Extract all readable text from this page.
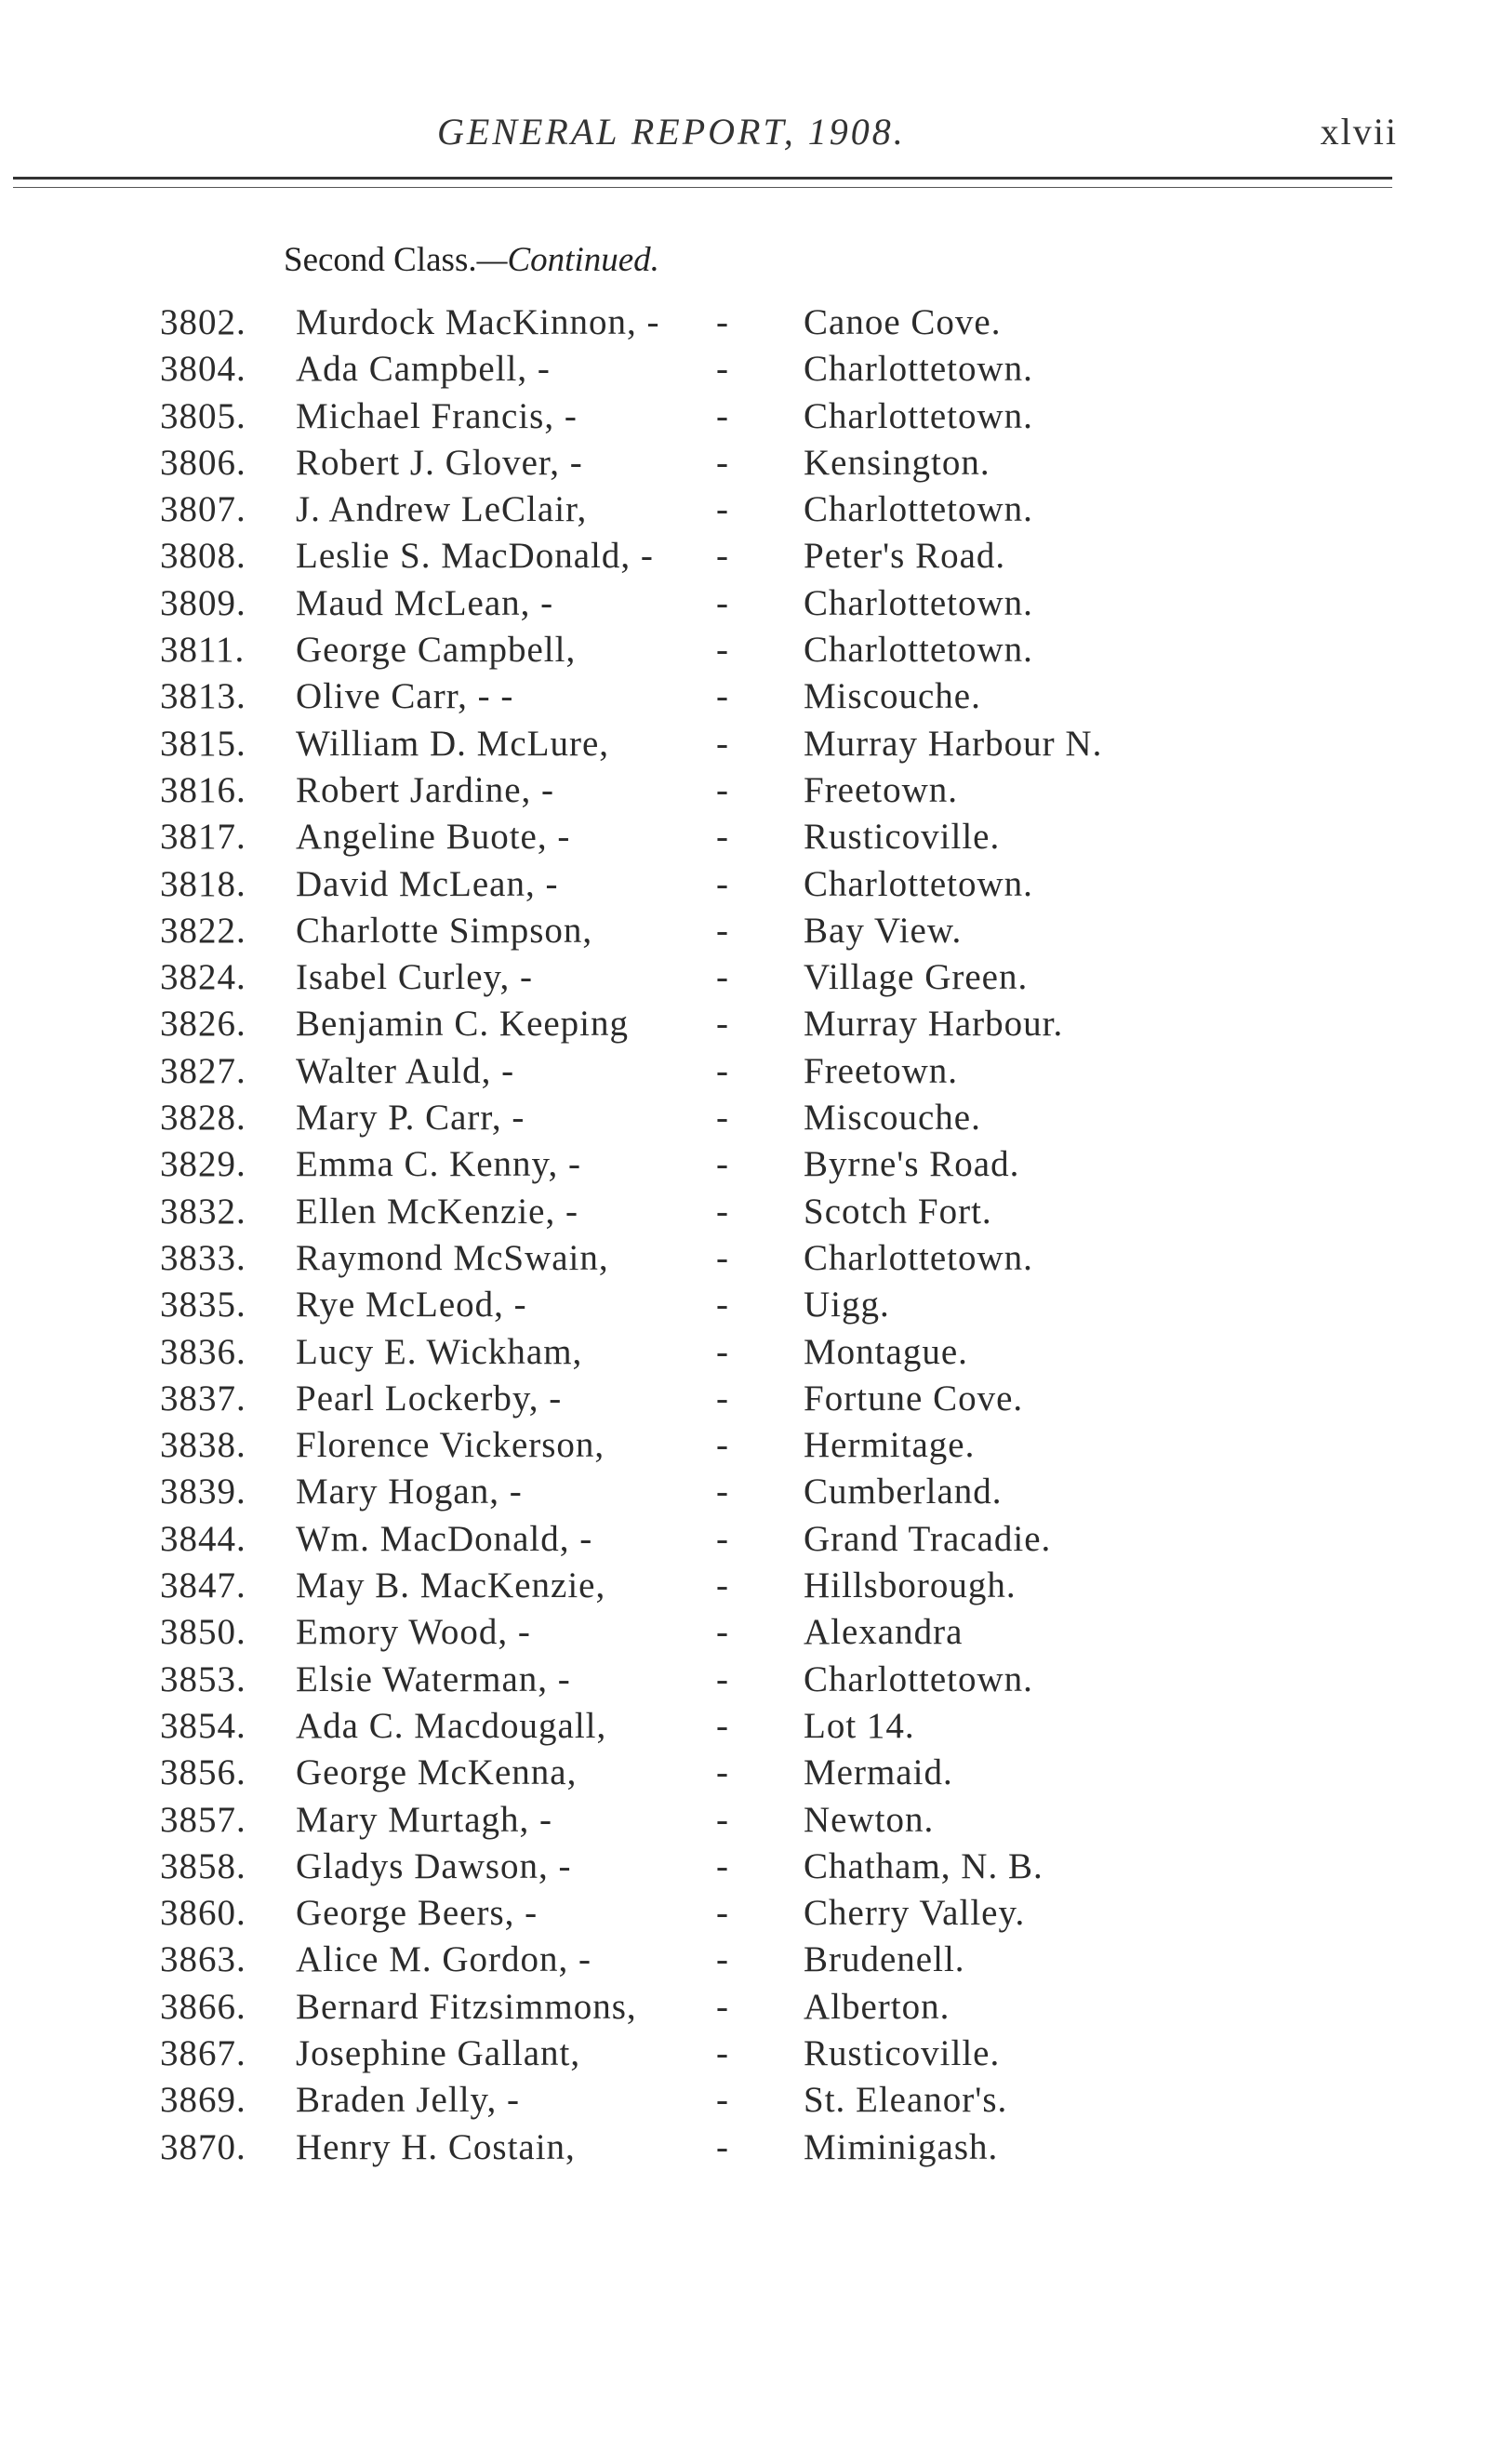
GENERAL REPORT, 1908.	xlvii
Second Class.—Continued.
3802. Murdock MacKinnon, - - Canoe Cove.
3804. Ada Campbell, -	- Charlottetown.
3805. Michael Francis, -	- Charlottetown.
3806. Robert J. Glover, -	- Kensington.
3807. J. Andrew LeClair,	- Charlottetown.
3808. Leslie S. MacDonald, - - Peter's Road.
3809. Maud McLean, -	- Charlottetown.
3811. George Campbell,	- Charlottetown.
3813. Olive Carr, - -	- Miscouche.
3815. William D. McLure,	- Murray Harbour N.
3816. Robert Jardine, -	- Freetown.
3817. Angeline Buote, -	- Rusticoville.
3818. David McLean, -	- Charlottetown.
3822. Charlotte Simpson,	- Bay View.
3824. Isabel Curley, -	- Village Green.
3826. Benjamin C. Keeping - Murray Harbour.
3827. Walter Auld, -	- Freetown.
3828. Mary P. Carr, -	- Miscouche.
3829. Emma C. Kenny, -	- Byrne's Road.
3832. Ellen McKenzie, -	- Scotch Fort.
3833. Raymond McSwain,	- Charlottetown.
3835. Rye McLeod, -	- Uigg.
3836. Lucy E. Wickham,	- Montague.
3837. Pearl Lockerby, -	- Fortune Cove.
3838. Florence Vickerson,	- Hermitage.
3839. Mary Hogan, -	- Cumberland.
3844. Wm. MacDonald, -	- Grand Tracadie.
3847. May B. MacKenzie,	- Hillsborough.
3850. Emory Wood, -	- Alexandra
3853. Elsie Waterman, -	- Charlottetown.
3854. Ada C. Macdougall,	- Lot 14.
3856. George McKenna,	- Mermaid.
3857. Mary Murtagh, -	- Newton.
3858. Gladys Dawson, -	- Chatham, N. B.
3860. George Beers, -	- Cherry Valley.
3863. Alice M. Gordon, -	- Brudenell.
3866. Bernard Fitzsimmons, - Alberton.
3867. Josephine Gallant,	- Rusticoville.
3869. Braden Jelly, -	- St. Eleanor's.
3870. Henry H. Costain,	- Miminigash.
